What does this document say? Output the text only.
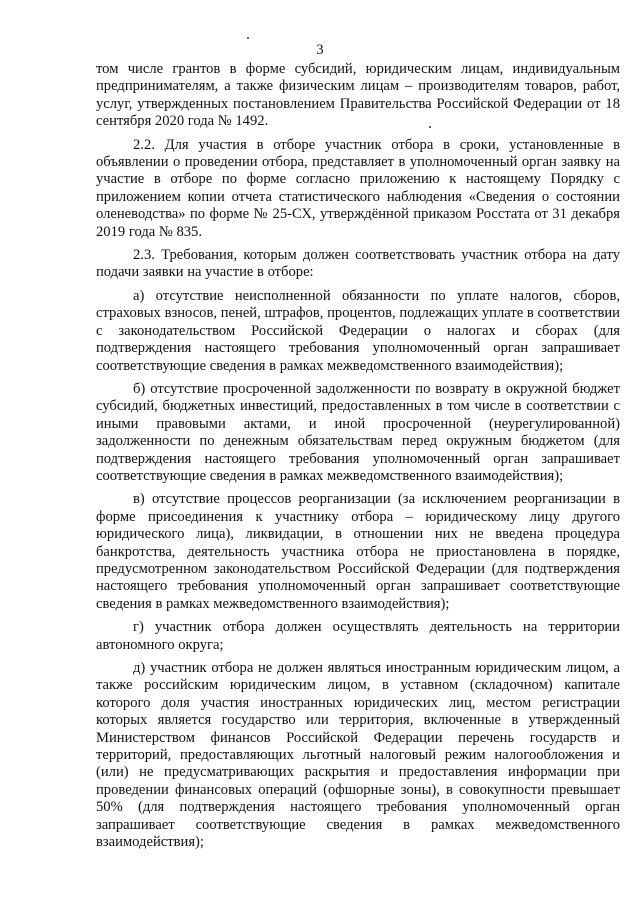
3

том числе грантов в форме субсидий, юридическим лицам, индивидуальным предпринимателям, а также физическим лицам – производителям товаров, работ, услуг, утвержденных постановлением Правительства Российской Федерации от 18 сентября 2020 года № 1492.

2.2. Для участия в отборе участник отбора в сроки, установленные в объявлении о проведении отбора, представляет в уполномоченный орган заявку на участие в отборе по форме согласно приложению к настоящему Порядку с приложением копии отчета статистического наблюдения «Сведения о состоянии оленеводства» по форме № 25-СХ, утверждённой приказом Росстата от 31 декабря 2019 года № 835.

2.3. Требования, которым должен соответствовать участник отбора на дату подачи заявки на участие в отборе:

а) отсутствие неисполненной обязанности по уплате налогов, сборов, страховых взносов, пеней, штрафов, процентов, подлежащих уплате в соответствии с законодательством Российской Федерации о налогах и сборах (для подтверждения настоящего требования уполномоченный орган запрашивает соответствующие сведения в рамках межведомственного взаимодействия);

б) отсутствие просроченной задолженности по возврату в окружной бюджет субсидий, бюджетных инвестиций, предоставленных в том числе в соответствии с иными правовыми актами, и иной просроченной (неурегулированной) задолженности по денежным обязательствам перед окружным бюджетом (для подтверждения настоящего требования уполномоченный орган запрашивает соответствующие сведения в рамках межведомственного взаимодействия);

в) отсутствие процессов реорганизации (за исключением реорганизации в форме присоединения к участнику отбора – юридическому лицу другого юридического лица), ликвидации, в отношении них не введена процедура банкротства, деятельность участника отбора не приостановлена в порядке, предусмотренном законодательством Российской Федерации (для подтверждения настоящего требования уполномоченный орган запрашивает соответствующие сведения в рамках межведомственного взаимодействия);

г) участник отбора должен осуществлять деятельность на территории автономного округа;

д) участник отбора не должен являться иностранным юридическим лицом, а также российским юридическим лицом, в уставном (складочном) капитале которого доля участия иностранных юридических лиц, местом регистрации которых является государство или территория, включенные в утвержденный Министерством финансов Российской Федерации перечень государств и территорий, предоставляющих льготный налоговый режим налогообложения и (или) не предусматривающих раскрытия и предоставления информации при проведении финансовых операций (офшорные зоны), в совокупности превышает 50% (для подтверждения настоящего требования уполномоченный орган запрашивает соответствующие сведения в рамках межведомственного взаимодействия);
